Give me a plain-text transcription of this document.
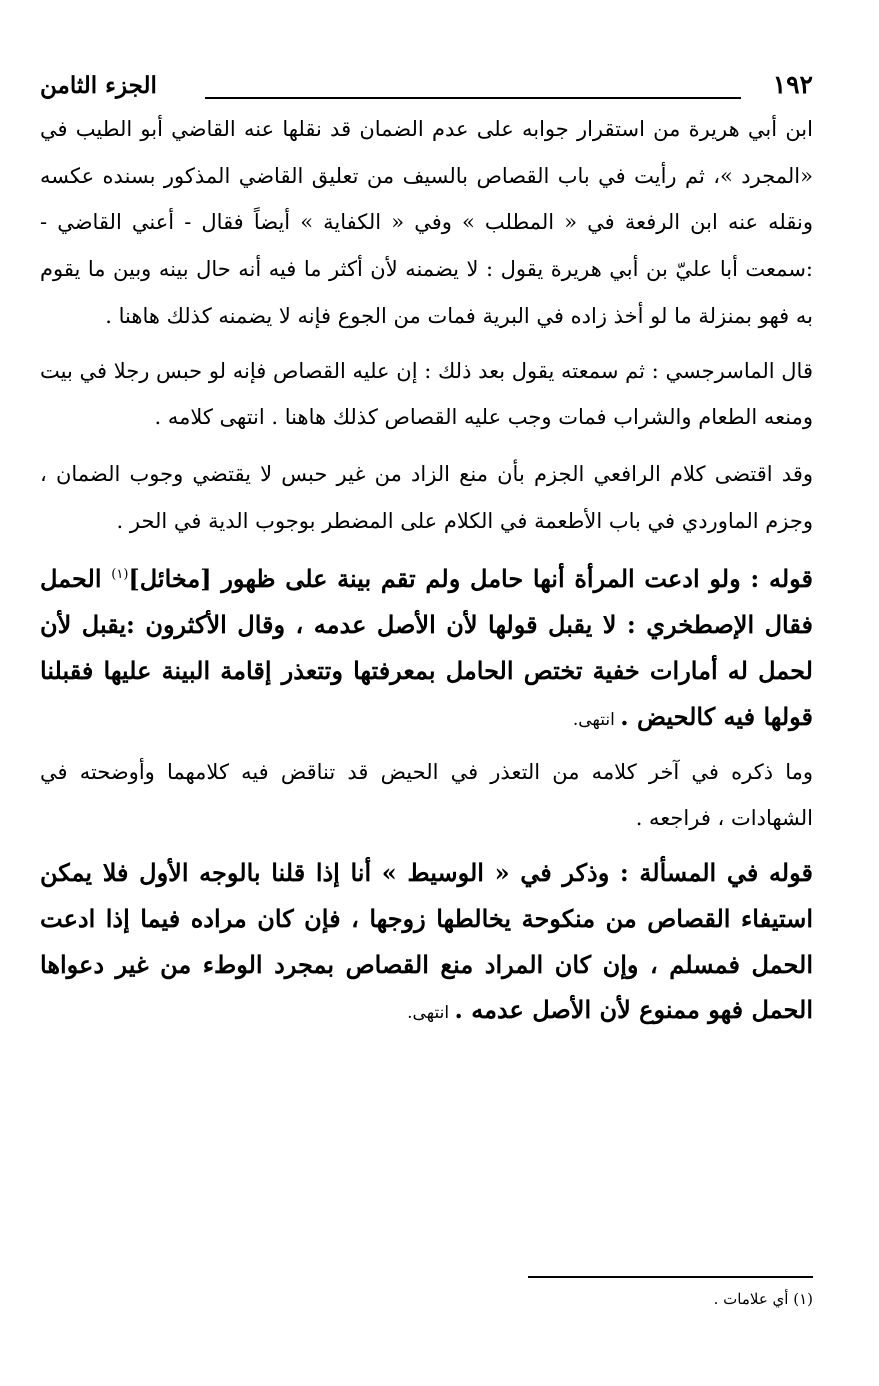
١٩٢
الجزء الثامن

ابن أبي هريرة من استقرار جوابه على عدم الضمان قد نقلها عنه القاضي أبو الطيب في «المجرد »، ثم رأيت في باب القصاص بالسيف من تعليق القاضي المذكور بسنده عكسه ونقله عنه ابن الرفعة في « المطلب » وفي « الكفاية » أيضاً فقال - أعني القاضي - :سمعت أبا عليّ بن أبي هريرة يقول : لا يضمنه لأن أكثر ما فيه أنه حال بينه وبين ما يقوم به فهو بمنزلة ما لو أخذ زاده في البرية فمات من الجوع فإنه لا يضمنه كذلك هاهنا .

قال الماسرجسي : ثم سمعته يقول بعد ذلك : إن عليه القصاص فإنه لو حبس رجلا في بيت ومنعه الطعام والشراب فمات وجب عليه القصاص كذلك هاهنا . انتهى كلامه .

وقد اقتضى كلام الرافعي الجزم بأن منع الزاد من غير حبس لا يقتضي وجوب الضمان ، وجزم الماوردي في باب الأطعمة في الكلام على المضطر بوجوب الدية في الحر .

قوله : ولو ادعت المرأة أنها حامل ولم تقم بينة على ظهور [مخائل]$^{(١)}$ الحمل فقال الإصطخري : لا يقبل قولها لأن الأصل عدمه ، وقال الأكثرون :يقبل لأن لحمل له أمارات خفية تختص الحامل بمعرفتها وتتعذر إقامة البينة عليها فقبلنا قولها فيه كالحيض . انتهى.

وما ذكره في آخر كلامه من التعذر في الحيض قد تناقض فيه كلامهما وأوضحته في الشهادات ، فراجعه .

قوله في المسألة : وذكر في « الوسيط » أنا إذا قلنا بالوجه الأول فلا يمكن استيفاء القصاص من منكوحة يخالطها زوجها ، فإن كان مراده فيما إذا ادعت الحمل فمسلم ، وإن كان المراد منع القصاص بمجرد الوطء من غير دعواها الحمل فهو ممنوع لأن الأصل عدمه . انتهى.

(١) أي علامات .
